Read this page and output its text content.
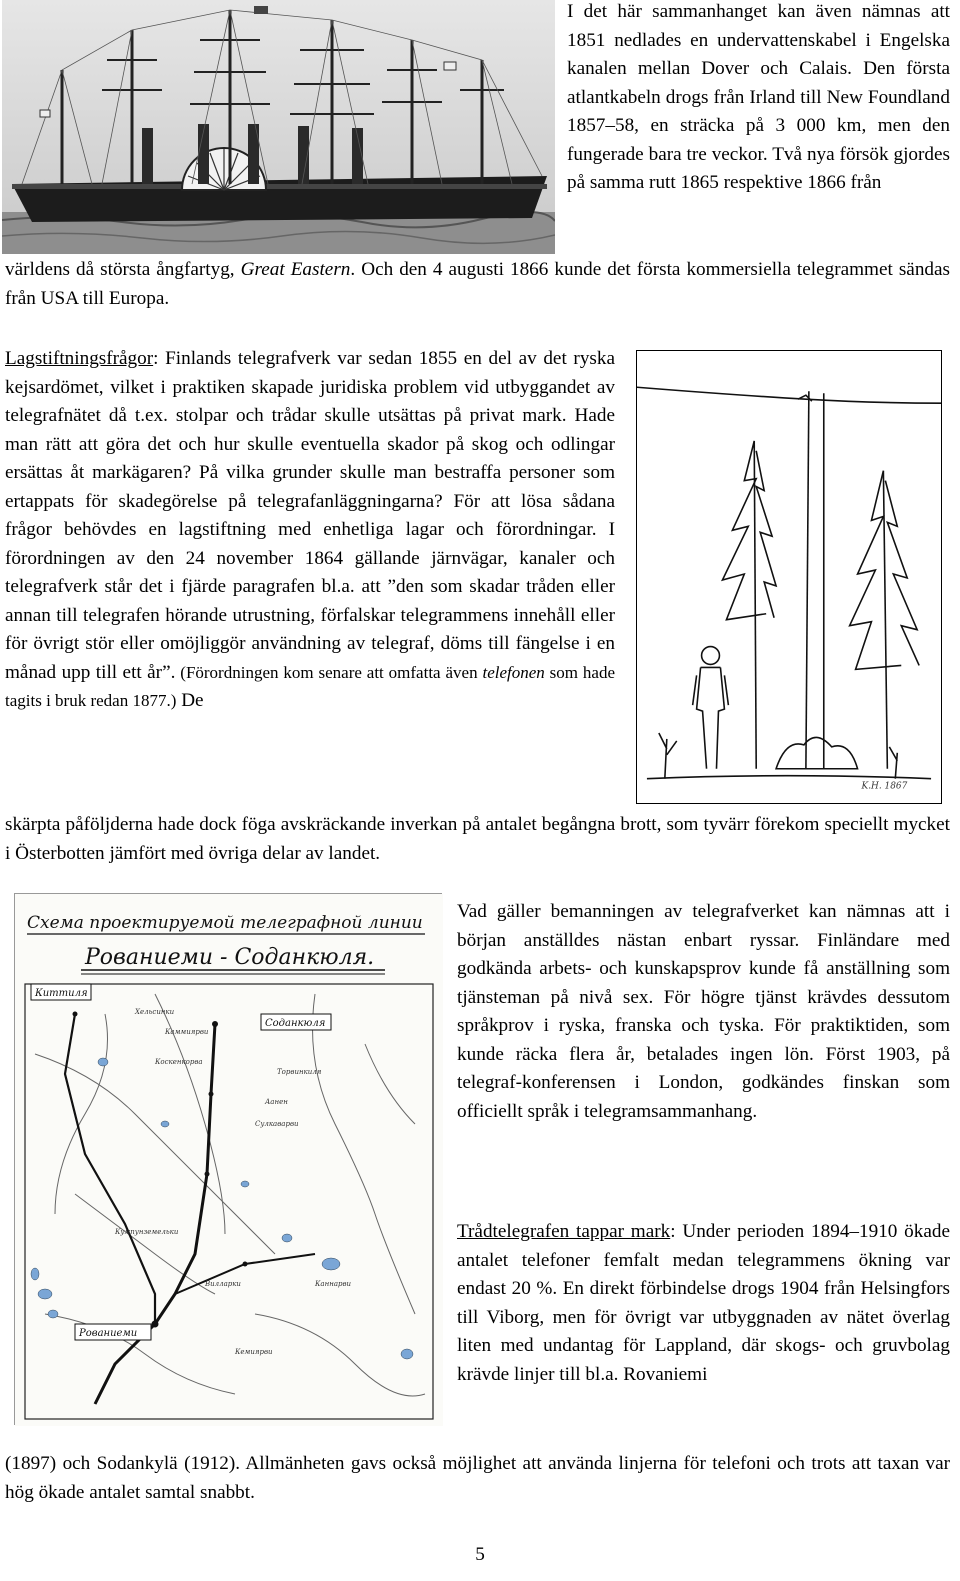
I det här sammanhanget kan även nämnas att 1851 nedlades en undervattenskabel i Engelska kanalen mellan Dover och Calais. Den första atlantkabeln drogs från Irland till New Foundland 1857–58, en sträcka på 3 000 km, men den fungerade bara tre veckor. Två nya försök gjordes på samma rutt 1865 respektive 1866 från

världens då största ångfartyg, Great Eastern. Och den 4 augusti 1866 kunde det första kommersiella telegrammet sändas från USA till Europa.
K.H. 1867
Lagstiftningsfrågor: Finlands telegrafverk var sedan 1855 en del av det ryska kejsardömet, vilket i praktiken skapade juridiska problem vid utbyggandet av telegrafnätet då t.ex. stolpar och trådar skulle utsättas på privat mark. Hade man rätt att göra det och hur skulle eventuella skador på skog och odlingar ersättas åt markägaren? På vilka grunder skulle man bestraffa personer som ertappats för skadegörelse på telegrafanläggningarna? För att lösa sådana frågor behövdes en lagstiftning med enhetliga lagar och förordningar. I förordningen av den 24 november 1864 gällande järnvägar, kanaler och telegrafverk står det i fjärde paragrafen bl.a. att ”den som skadar tråden eller annan till telegrafen hörande utrustning, förfalskar telegrammens innehåll eller för övrigt stör eller omöjliggör användning av telegraf, döms till fängelse i en månad upp till ett år”. (Förordningen kom senare att omfatta även telefonen som hade tagits i bruk redan 1877.) De

skärpta påföljderna hade dock föga avskräckande inverkan på antalet begångna brott, som tyvärr förekom speciellt mycket i Österbotten jämfört med övriga delar av landet.

Схема проектируемой телеграфной линии
Рованиеми - Соданкюля.
Соданкюля
Киттиля
Рованиеми
Хельсинки
Каммиярви
Кoскенкoрва
Тoрвинкиля
Аанен
Сулкаварви
Кумпунзeмельки
Вилларки	Каннарви
Кемиярви

Vad gäller bemanningen av telegrafverket kan nämnas att i början anställdes nästan enbart ryssar. Finländare med godkända arbets- och kunskapsprov kunde få anställning som tjänsteman på nivå sex. För högre tjänst krävdes dessutom språkprov i ryska, franska och tyska. För praktiktiden, som kunde räcka flera år, betalades ingen lön. Först 1903, på telegraf-konferensen i London, godkändes finskan som officiellt språk i telegramsammanhang.

Trådtelegrafen tappar mark: Under perioden 1894–1910 ökade antalet telefoner femfalt medan telegrammens ökning var endast 20 %. En direkt förbindelse drogs 1904 från Helsingfors till Viborg, men för övrigt var utbyggnaden av nätet överlag liten med undantag för Lappland, där skogs- och gruvbolag krävde linjer till bl.a. Rovaniemi

(1897) och Sodankylä (1912). Allmänheten gavs också möjlighet att använda linjerna för telefoni och trots att taxan var hög ökade antalet samtal snabbt.

5
